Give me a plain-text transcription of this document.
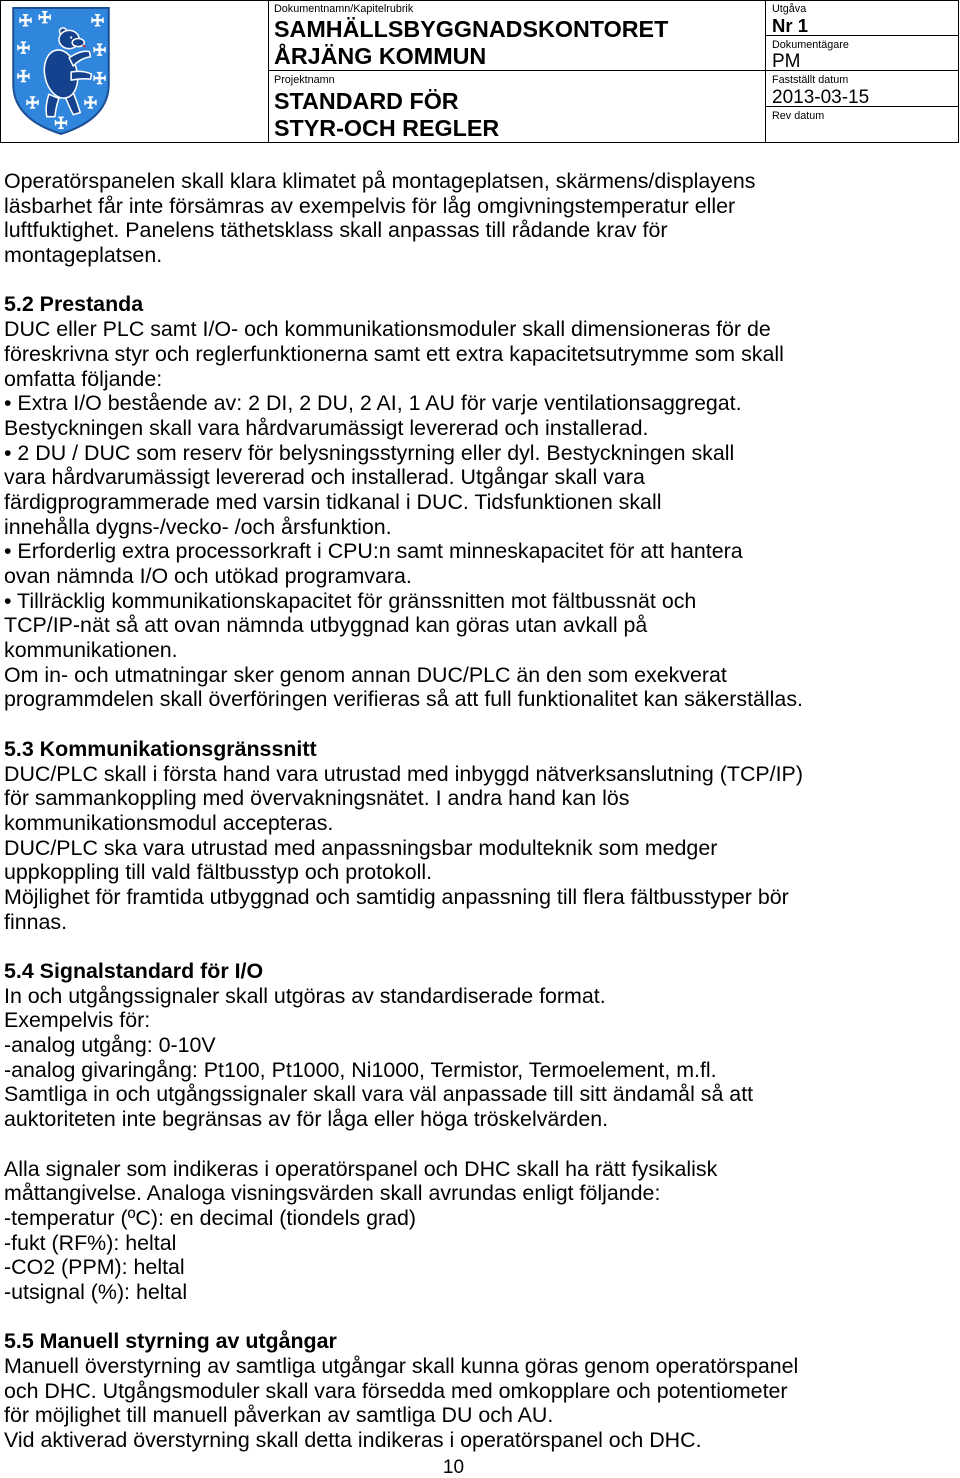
Dokumentnamn/Kapitelrubrik
SAMHÄLLSBYGGNADSKONTORET
ÅRJÄNG KOMMUN
Projektnamn
STANDARD FÖR
STYR-OCH REGLER
Utgåva
Nr 1
Dokumentägare
PM
Fastställt datum
2013-03-15
Rev datum
Operatörspanelen skall klara klimatet på montageplatsen, skärmens/displayens
läsbarhet får inte försämras av exempelvis för låg omgivningstemperatur eller
luftfuktighet. Panelens täthetsklass skall anpassas till rådande krav för
montageplatsen.
5.2 Prestanda
DUC eller PLC samt I/O- och kommunikationsmoduler skall dimensioneras för de
föreskrivna styr och reglerfunktionerna samt ett extra kapacitetsutrymme som skall
omfatta följande:
• Extra I/O bestående av: 2 DI, 2 DU, 2 AI, 1 AU för varje ventilationsaggregat.
Bestyckningen skall vara hårdvarumässigt levererad och installerad.
• 2 DU / DUC som reserv för belysningsstyrning eller dyl. Bestyckningen skall
vara hårdvarumässigt levererad och installerad. Utgångar skall vara
färdigprogrammerade med varsin tidkanal i DUC. Tidsfunktionen skall
innehålla dygns-/vecko- /och årsfunktion.
• Erforderlig extra processorkraft i CPU:n samt minneskapacitet för att hantera
ovan nämnda I/O och utökad programvara.
• Tillräcklig kommunikationskapacitet för gränssnitten mot fältbussnät och
TCP/IP-nät så att ovan nämnda utbyggnad kan göras utan avkall på
kommunikationen.
Om in- och utmatningar sker genom annan DUC/PLC än den som exekverat
programmdelen skall överföringen verifieras så att full funktionalitet kan säkerställas.
5.3 Kommunikationsgränssnitt
DUC/PLC skall i första hand vara utrustad med inbyggd nätverksanslutning (TCP/IP)
för sammankoppling med övervakningsnätet. I andra hand kan lös
kommunikationsmodul accepteras.
DUC/PLC ska vara utrustad med anpassningsbar modulteknik som medger
uppkoppling till vald fältbusstyp och protokoll.
Möjlighet för framtida utbyggnad och samtidig anpassning till flera fältbusstyper bör
finnas.
5.4 Signalstandard för I/O
In och utgångssignaler skall utgöras av standardiserade format.
Exempelvis för:
-analog utgång: 0-10V
-analog givaringång: Pt100, Pt1000, Ni1000, Termistor, Termoelement, m.fl.
Samtliga in och utgångssignaler skall vara väl anpassade till sitt ändamål så att
auktoriteten inte begränsas av för låga eller höga tröskelvärden.
Alla signaler som indikeras i operatörspanel och DHC skall ha rätt fysikalisk
måttangivelse. Analoga visningsvärden skall avrundas enligt följande:
-temperatur (ºC): en decimal (tiondels grad)
-fukt (RF%): heltal
-CO2 (PPM): heltal
-utsignal (%): heltal
5.5 Manuell styrning av utgångar
Manuell överstyrning av samtliga utgångar skall kunna göras genom operatörspanel
och DHC. Utgångsmoduler skall vara försedda med omkopplare och potentiometer
för möjlighet till manuell påverkan av samtliga DU och AU.
Vid aktiverad överstyrning skall detta indikeras i operatörspanel och DHC.
10
